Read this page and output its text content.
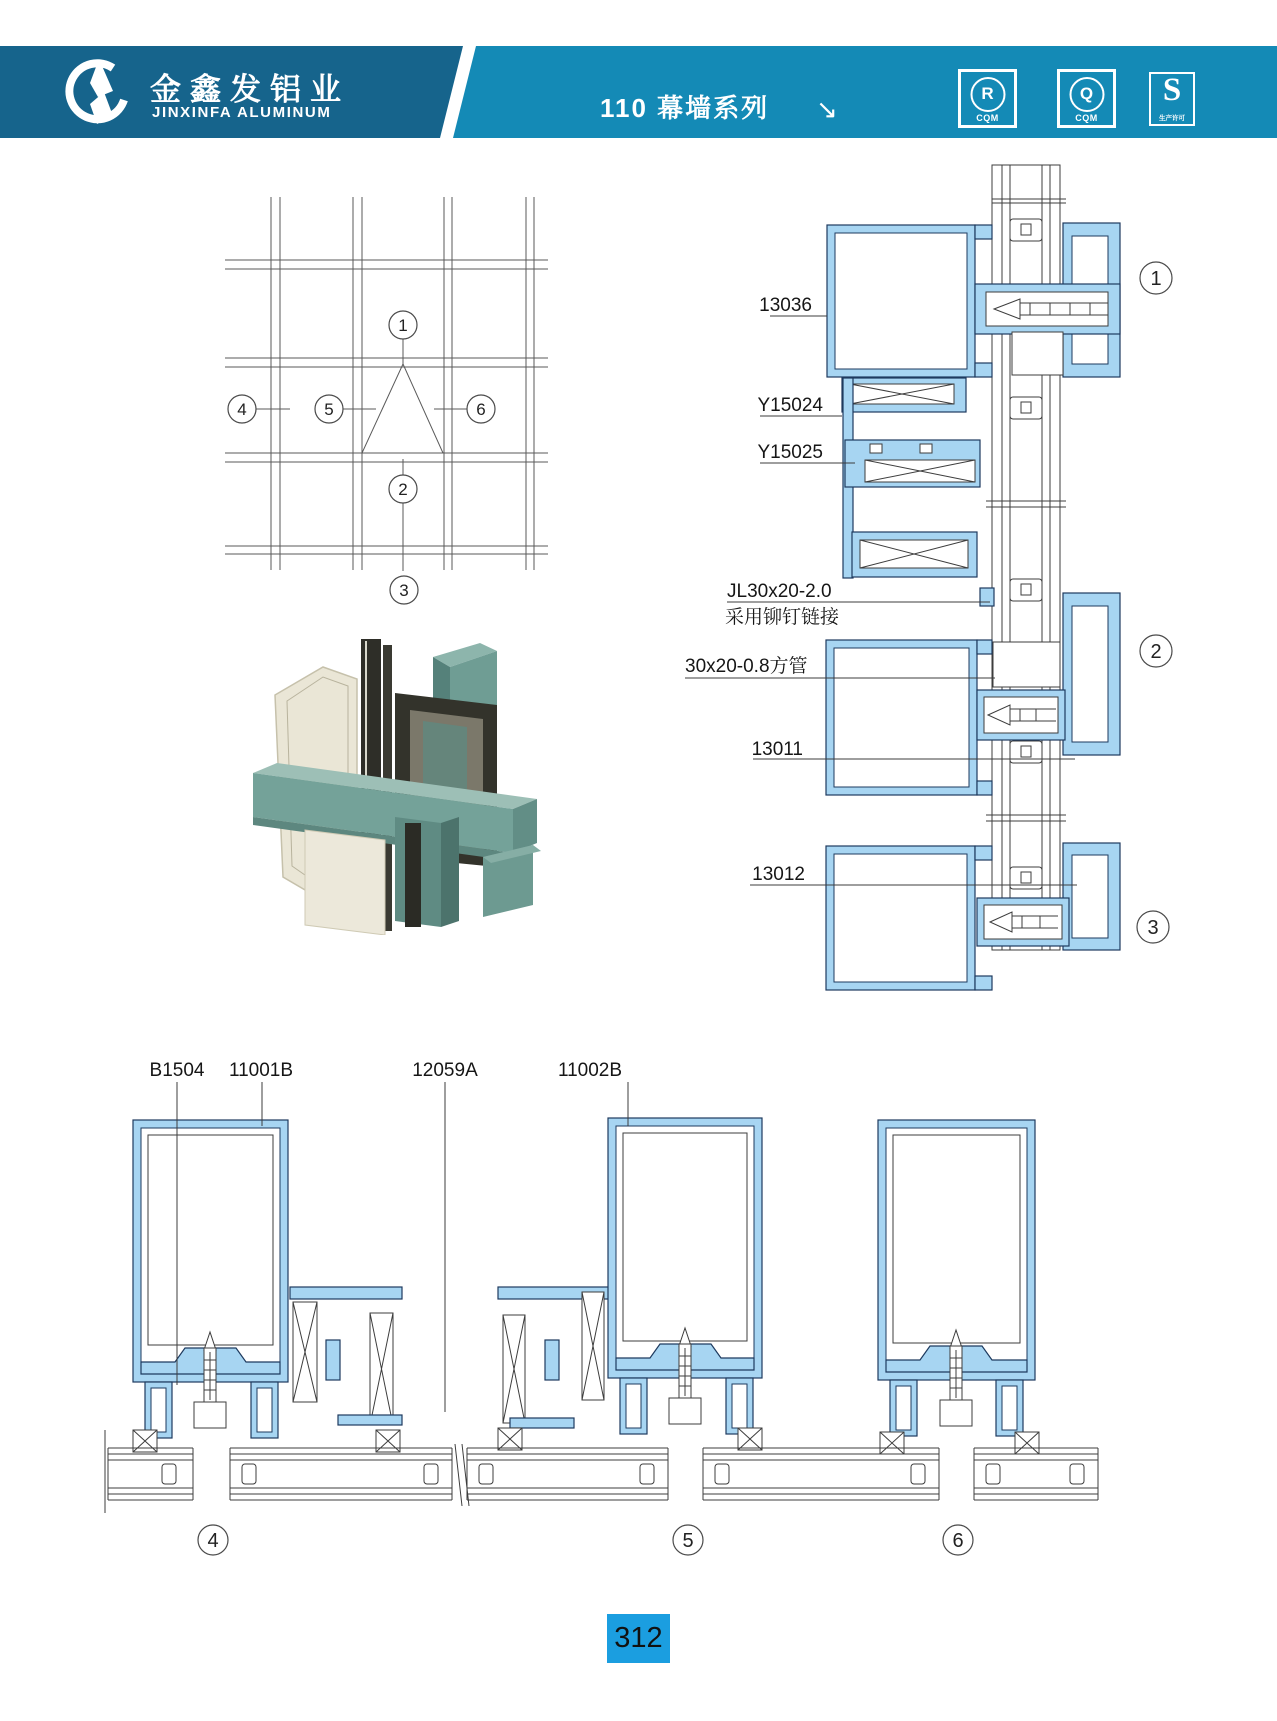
金鑫发铝业
JINXINFA ALUMINUM	110 幕墙系列 ↘
R
CQM
Q
CQM
S
生产许可
1
2
3
4	5	6
13036
Y15024
Y15025
JL30x20-2.0
采用铆钉链接
30x20-0.8方管
13011
13012
1
2
3
B1504 11001B	12059A	11002B
4	5	6
312
